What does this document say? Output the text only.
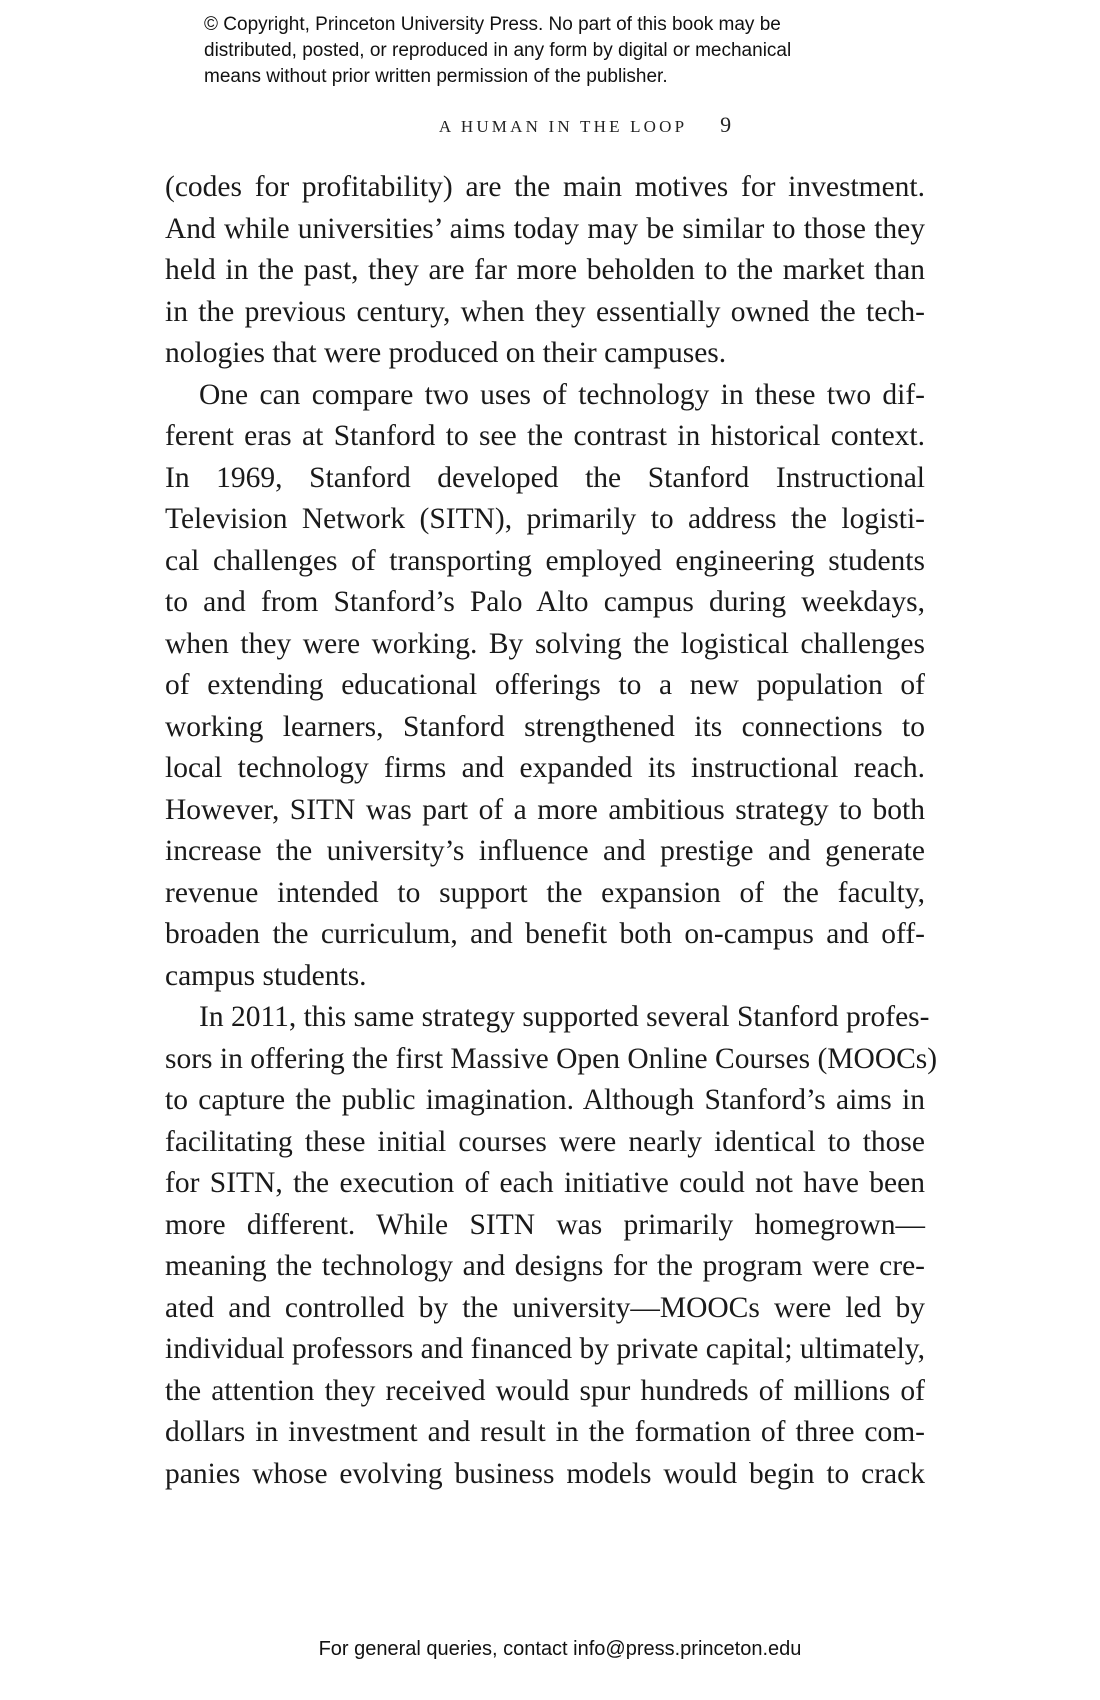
© Copyright, Princeton University Press. No part of this book may be
distributed, posted, or reproduced in any form by digital or mechanical
means without prior written permission of the publisher.
A HUMAN IN THE LOOP 9
(codes for profitability) are the main motives for investment.
And while universities’ aims today may be similar to those they
held in the past, they are far more beholden to the market than
in the previous century, when they essentially owned the tech-
nologies that were produced on their campuses.
One can compare two uses of technology in these two dif-
ferent eras at Stanford to see the contrast in historical context.
In 1969, Stanford developed the Stanford Instructional
Television Network (SITN), primarily to address the logisti-
cal challenges of transporting employed engineering students
to and from Stanford’s Palo Alto campus during weekdays,
when they were working. By solving the logistical challenges
of extending educational offerings to a new population of
working learners, Stanford strengthened its connections to
local technology firms and expanded its instructional reach.
However, SITN was part of a more ambitious strategy to both
increase the university’s influence and prestige and generate
revenue intended to support the expansion of the faculty,
broaden the curriculum, and benefit both on-campus and off-
campus students.
In 2011, this same strategy supported several Stanford profes-
sors in offering the first Massive Open Online Courses (MOOCs)
to capture the public imagination. Although Stanford’s aims in
facilitating these initial courses were nearly identical to those
for SITN, the execution of each initiative could not have been
more different. While SITN was primarily homegrown—
meaning the technology and designs for the program were cre-
ated and controlled by the university—MOOCs were led by
individual professors and financed by private capital; ultimately,
the attention they received would spur hundreds of millions of
dollars in investment and result in the formation of three com-
panies whose evolving business models would begin to crack
For general queries, contact info@press.princeton.edu
